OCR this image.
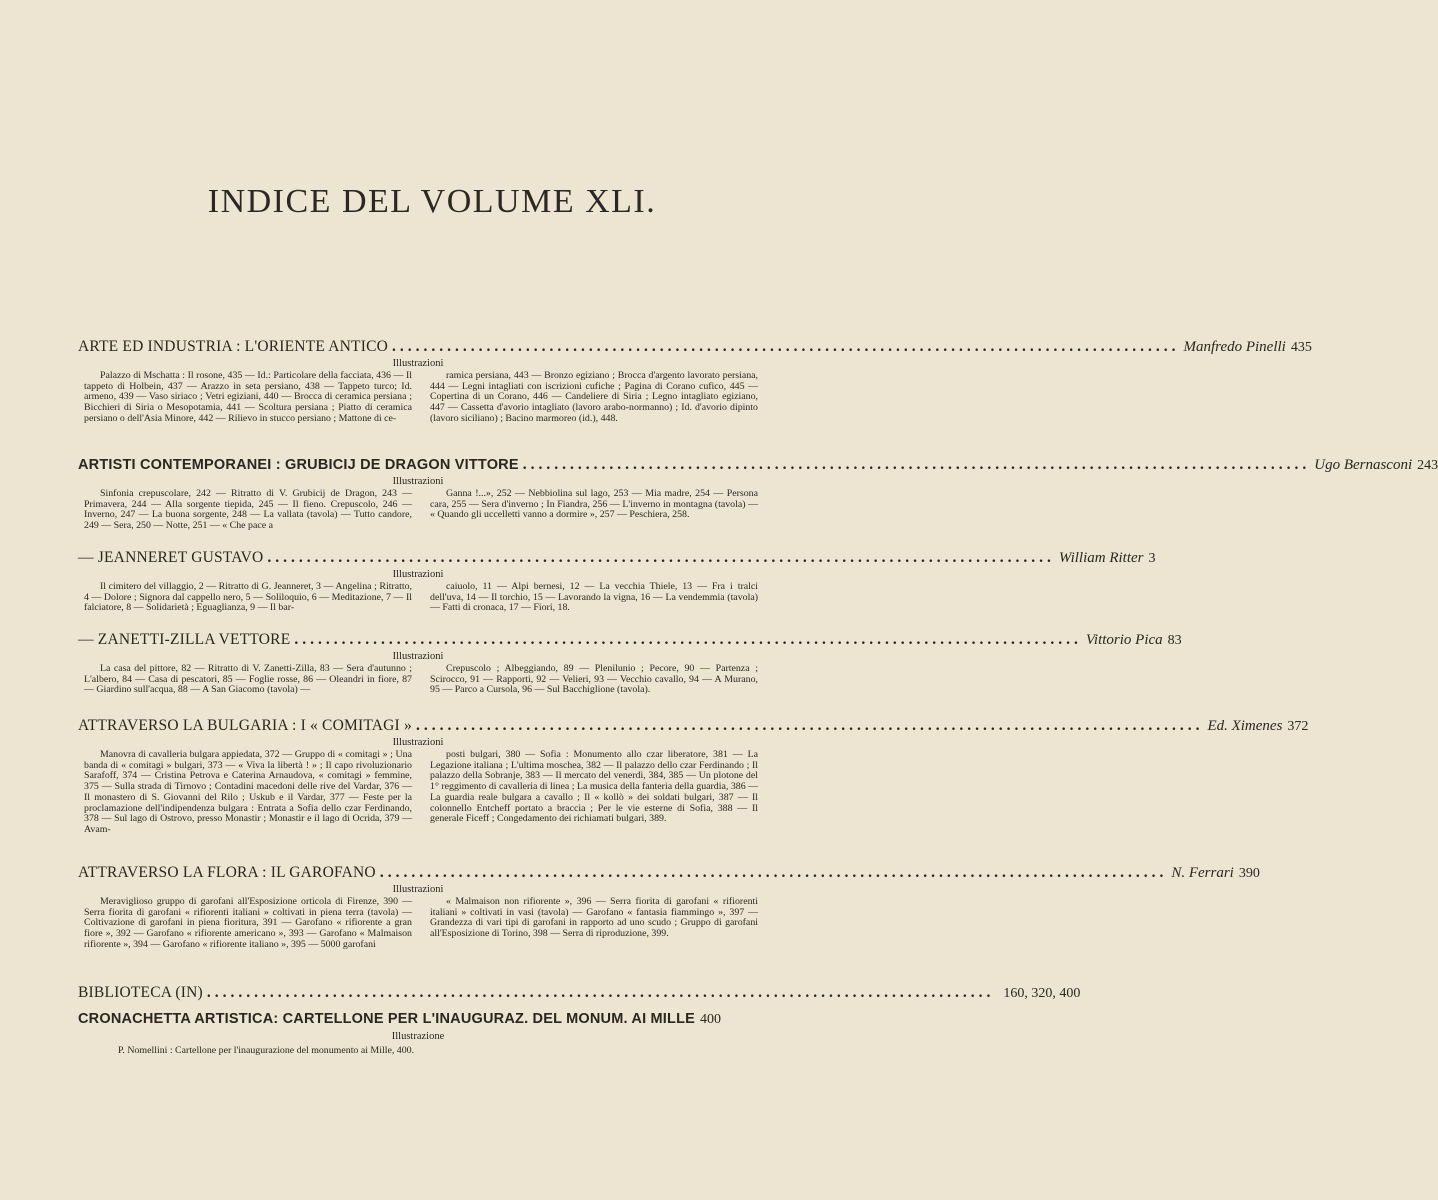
INDICE DEL VOLUME XLI.
ARTE ED INDUSTRIA : L'ORIENTE ANTICO .................................................................................................... Manfredo Pinelli 435
Illustrazioni
Palazzo di Mschatta : Il rosone, 435 — Id.: Particolare della facciata, 436 — Il tappeto di Holbein, 437 — Arazzo in seta persiano, 438 — Tappeto turco; Id. armeno, 439 — Vaso siriaco ; Vetri egiziani, 440 — Brocca di ceramica persiana ; Bicchieri di Siria o Mesopotamia, 441 — Scoltura persiana ; Piatto di ceramica persiano o dell'Asia Minore, 442 — Rilievo in stucco persiano ; Mattone di ce-
ramica persiana, 443 — Bronzo egiziano ; Brocca d'argento lavorato persiana, 444 — Legni intagliati con iscrizioni cufiche ; Pagina di Corano cufico, 445 — Copertina di un Corano, 446 — Candeliere di Siria ; Legno intagliato egiziano, 447 — Cassetta d'avorio intagliato (lavoro arabo-normanno) ; Id. d'avorio dipinto (lavoro siciliano) ; Bacino marmoreo (id.), 448.
ARTISTI CONTEMPORANEI : GRUBICIJ DE DRAGON VITTORE .................................................................................................... Ugo Bernasconi 243
Illustrazioni
Sinfonia crepuscolare, 242 — Ritratto di V. Grubicij de Dragon, 243 — Primavera, 244 — Alla sorgente tiepida, 245 — Il fieno. Crepuscolo, 246 — Inverno, 247 — La buona sorgente, 248 — La vallata (tavola) — Tutto candore, 249 — Sera, 250 — Notte, 251 — « Che pace a
Ganna !...», 252 — Nebbiolina sul lago, 253 — Mia madre, 254 — Persona cara, 255 — Sera d'inverno ; In Fiandra, 256 — L'inverno in montagna (tavola) — « Quando gli uccelletti vanno a dormire », 257 — Peschiera, 258.
— JEANNERET GUSTAVO .................................................................................................... William Ritter 3
Illustrazioni
Il cimitero del villaggio, 2 — Ritratto di G. Jeanneret, 3 — Angelina ; Ritratto, 4 — Dolore ; Signora dal cappello nero, 5 — Soliloquio, 6 — Meditazione, 7 — Il falciatore, 8 — Solidarietà ; Eguaglianza, 9 — Il bar-
caiuolo, 11 — Alpi bernesi, 12 — La vecchia Thiele, 13 — Fra i tralci dell'uva, 14 — Il torchio, 15 — Lavorando la vigna, 16 — La vendemmia (tavola) — Fatti di cronaca, 17 — Fiori, 18.
— ZANETTI-ZILLA VETTORE .................................................................................................... Vittorio Pica 83
Illustrazioni
La casa del pittore, 82 — Ritratto di V. Zanetti-Zilla, 83 — Sera d'autunno ; L'albero, 84 — Casa di pescatori, 85 — Foglie rosse, 86 — Oleandri in fiore, 87 — Giardino sull'acqua, 88 — A San Giacomo (tavola) —
Crepuscolo ; Albeggiando, 89 — Plenilunio ; Pecore, 90 — Partenza ; Scirocco, 91 — Rapporti, 92 — Velieri, 93 — Vecchio cavallo, 94 — A Murano, 95 — Parco a Cursola, 96 — Sul Bacchiglione (tavola).
ATTRAVERSO LA BULGARIA : I « COMITAGI » .................................................................................................... Ed. Ximenes 372
Illustrazioni
Manovra di cavalleria bulgara appiedata, 372 — Gruppo di « comitagi » ; Una banda di « comitagi » bulgari, 373 — « Viva la libertà ! » ; Il capo rivoluzionario Sarafoff, 374 — Cristina Petrova e Caterina Arnaudova, « comitagi » femmine, 375 — Sulla strada di Tirnovo ; Contadini macedoni delle rive del Vardar, 376 — Il monastero di S. Giovanni del Rilo ; Uskub e il Vardar, 377 — Feste per la proclamazione dell'indipendenza bulgara : Entrata a Sofia dello czar Ferdinando, 378 — Sul lago di Ostrovo, presso Monastir ; Monastir e il lago di Ocrida, 379 — Avam-
posti bulgari, 380 — Sofia : Monumento allo czar liberatore, 381 — La Legazione italiana ; L'ultima moschea, 382 — Il palazzo dello czar Ferdinando ; Il palazzo della Sobranje, 383 — Il mercato del venerdì, 384, 385 — Un plotone del 1° reggimento di cavalleria di linea ; La musica della fanteria della guardia, 386 — La guardia reale bulgara a cavallo ; Il « kollò » dei soldati bulgari, 387 — Il colonnello Entcheff portato a braccia ; Per le vie esterne di Sofia, 388 — Il generale Ficeff ; Congedamento dei richiamati bulgari, 389.
ATTRAVERSO LA FLORA : IL GAROFANO .................................................................................................... N. Ferrari 390
Illustrazioni
Meraviglioso gruppo di garofani all'Esposizione orticola di Firenze, 390 — Serra fiorita di garofani « rifiorenti italiani » coltivati in piena terra (tavola) — Coltivazione di garofani in piena fioritura, 391 — Garofano « rifiorente a gran fiore », 392 — Garofano « rifiorente americano », 393 — Garofano « Malmaison rifiorente », 394 — Garofano « rifiorente italiano », 395 — 5000 garofani
« Malmaison non rifiorente », 396 — Serra fiorita di garofani « rifiorenti italiani » coltivati in vasi (tavola) — Garofano « fantasia fiammingo », 397 — Grandezza di vari tipi di garofani in rapporto ad uno scudo ; Gruppo di garofani all'Esposizione di Torino, 398 — Serra di riproduzione, 399.
BIBLIOTECA (IN) .................................................................................................... 160, 320, 400
CRONACHETTA ARTISTICA: CARTELLONE PER L'INAUGURAZ. DEL MONUM. AI MILLE 400
Illustrazione
P. Nomellini : Cartellone per l'inaugurazione del monumento ai Mille, 400.
